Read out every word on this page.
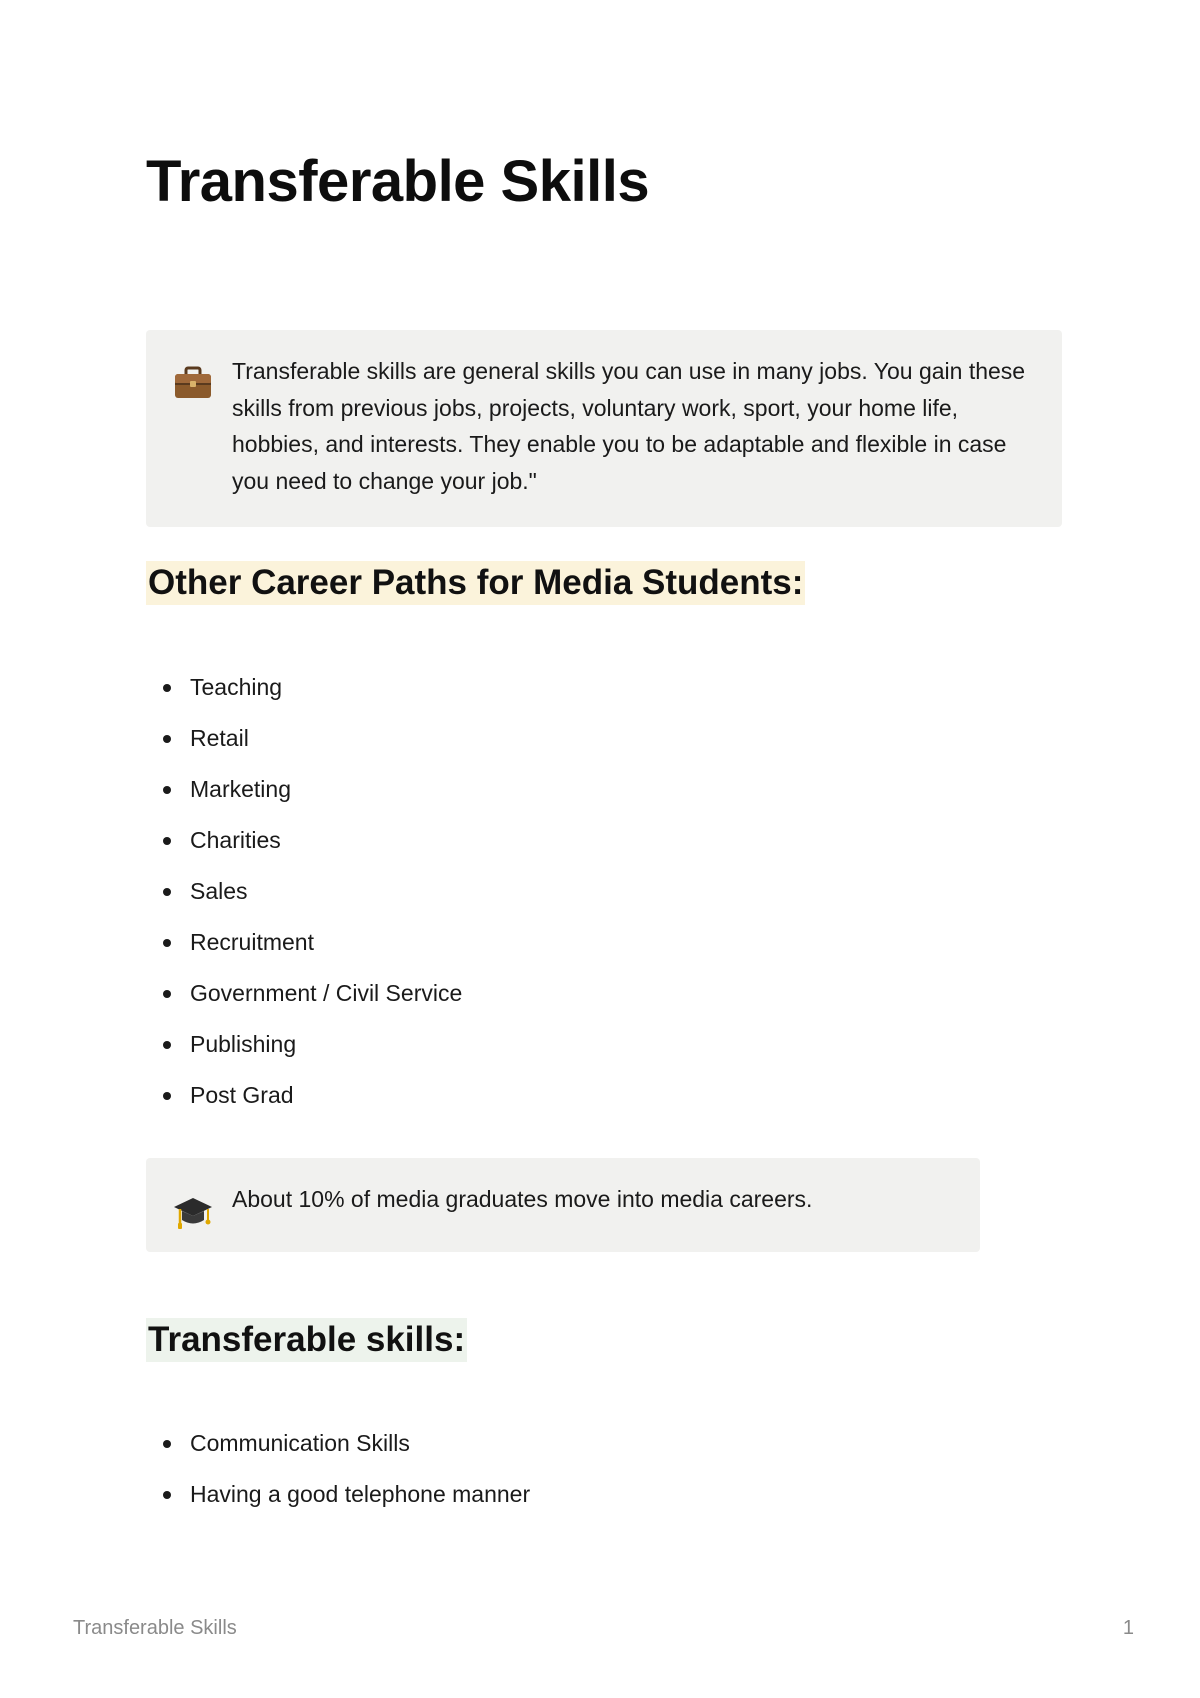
Transferable Skills

Transferable skills are general skills you can use in many jobs. You gain these skills from previous jobs, projects, voluntary work, sport, your home life, hobbies, and interests. They enable you to be adaptable and flexible in case you need to change your job."

Other Career Paths for Media Students:
Teaching
Retail
Marketing
Charities
Sales
Recruitment
Government / Civil Service
Publishing
Post Grad

About 10% of media graduates move into media careers.

Transferable skills:
Communication Skills
Having a good telephone manner
Transferable Skills	1
